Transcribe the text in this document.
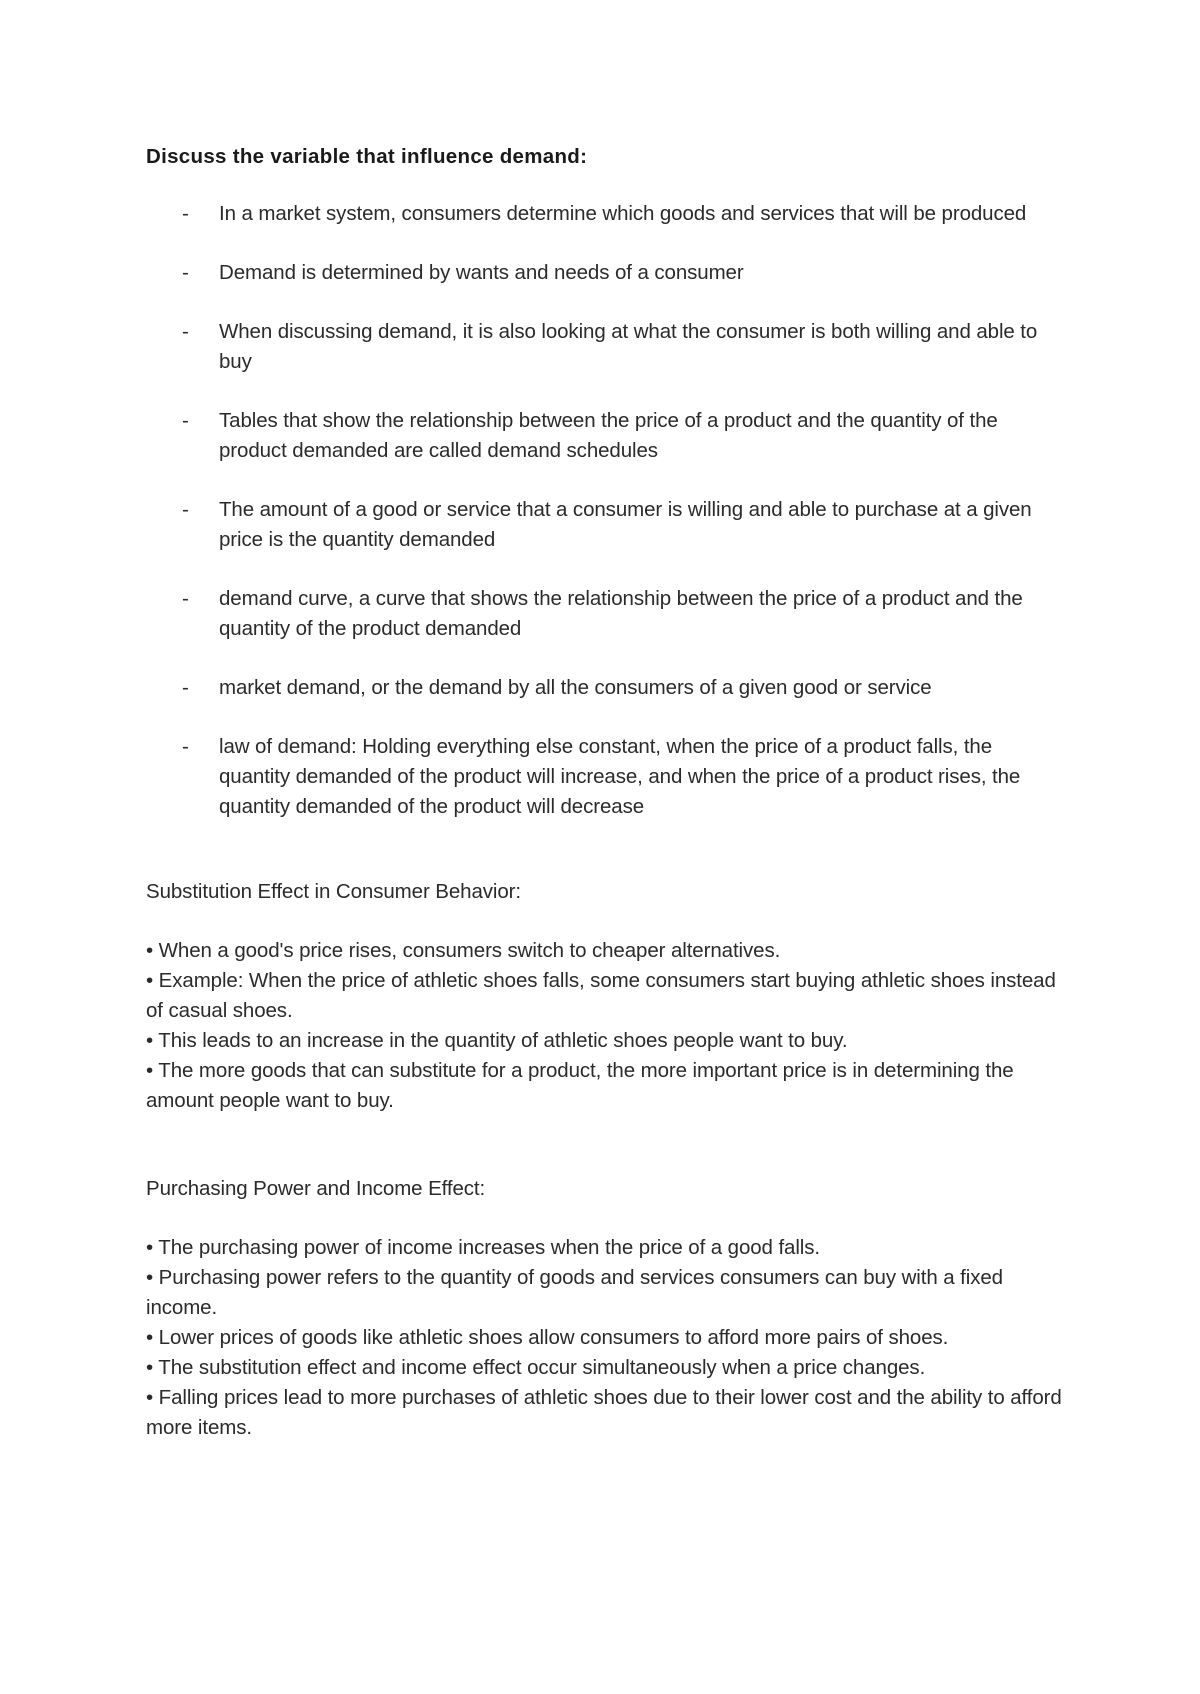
Discuss the variable that influence demand:

- In a market system, consumers determine which goods and services that will be produced
- Demand is determined by wants and needs of a consumer
- When discussing demand, it is also looking at what the consumer is both willing and able to buy
- Tables that show the relationship between the price of a product and the quantity of the product demanded are called demand schedules
- The amount of a good or service that a consumer is willing and able to purchase at a given price is the quantity demanded
- demand curve, a curve that shows the relationship between the price of a product and the quantity of the product demanded
- market demand, or the demand by all the consumers of a given good or service
- law of demand: Holding everything else constant, when the price of a product falls, the quantity demanded of the product will increase, and when the price of a product rises, the quantity demanded of the product will decrease

Substitution Effect in Consumer Behavior:

• When a good's price rises, consumers switch to cheaper alternatives.

• Example: When the price of athletic shoes falls, some consumers start buying athletic shoes instead of casual shoes.

• This leads to an increase in the quantity of athletic shoes people want to buy.

• The more goods that can substitute for a product, the more important price is in determining the amount people want to buy.

Purchasing Power and Income Effect:

• The purchasing power of income increases when the price of a good falls.

• Purchasing power refers to the quantity of goods and services consumers can buy with a fixed income.

• Lower prices of goods like athletic shoes allow consumers to afford more pairs of shoes.

• The substitution effect and income effect occur simultaneously when a price changes.

• Falling prices lead to more purchases of athletic shoes due to their lower cost and the ability to afford more items.
